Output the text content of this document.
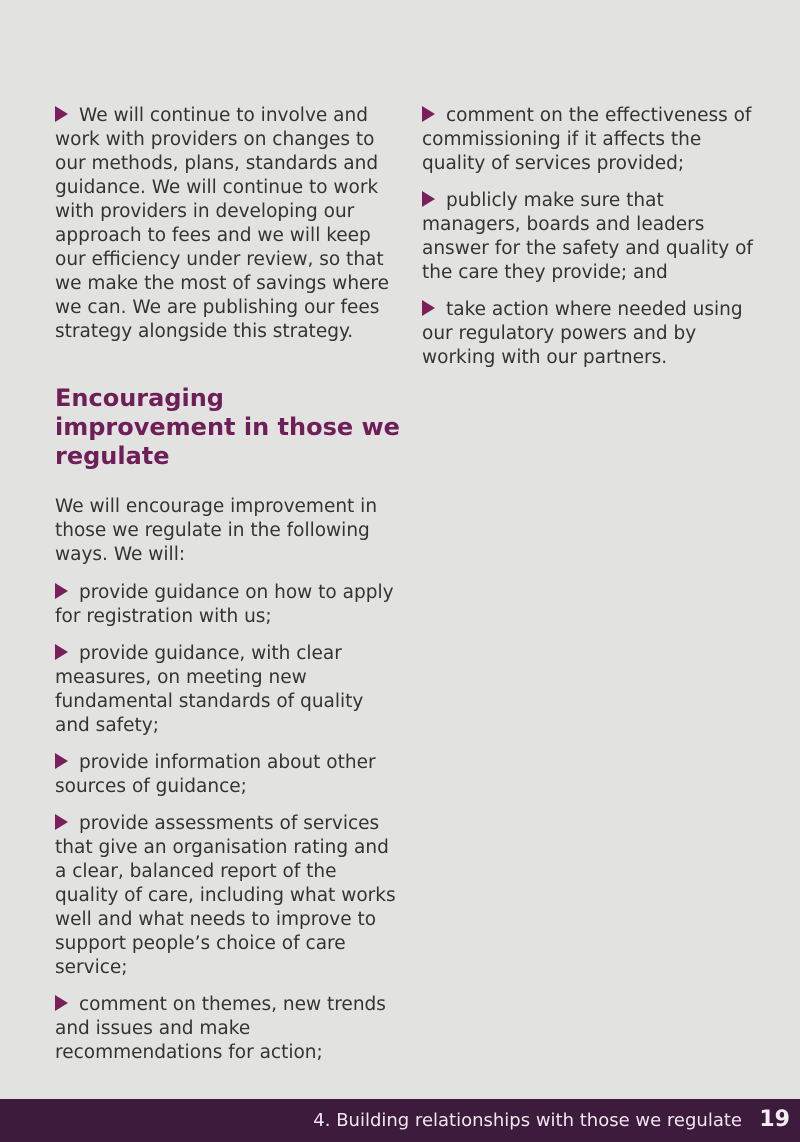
We will continue to involve and work with providers on changes to our methods, plans, standards and guidance. We will continue to work with providers in developing our approach to fees and we will keep our efficiency under review, so that we make the most of savings where we can. We are publishing our fees strategy alongside this strategy.

Encouraging improvement in those we regulate

We will encourage improvement in those we regulate in the following ways. We will:

provide guidance on how to apply for registration with us;

provide guidance, with clear measures, on meeting new fundamental standards of quality and safety;

provide information about other sources of guidance;

provide assessments of services that give an organisation rating and a clear, balanced report of the quality of care, including what works well and what needs to improve to support people’s choice of care service;

comment on themes, new trends and issues and make recommendations for action;

comment on the effectiveness of commissioning if it affects the quality of services provided;

publicly make sure that managers, boards and leaders answer for the safety and quality of the care they provide; and

take action where needed using our regulatory powers and by working with our partners.

4. Building relationships with those we regulate 19
